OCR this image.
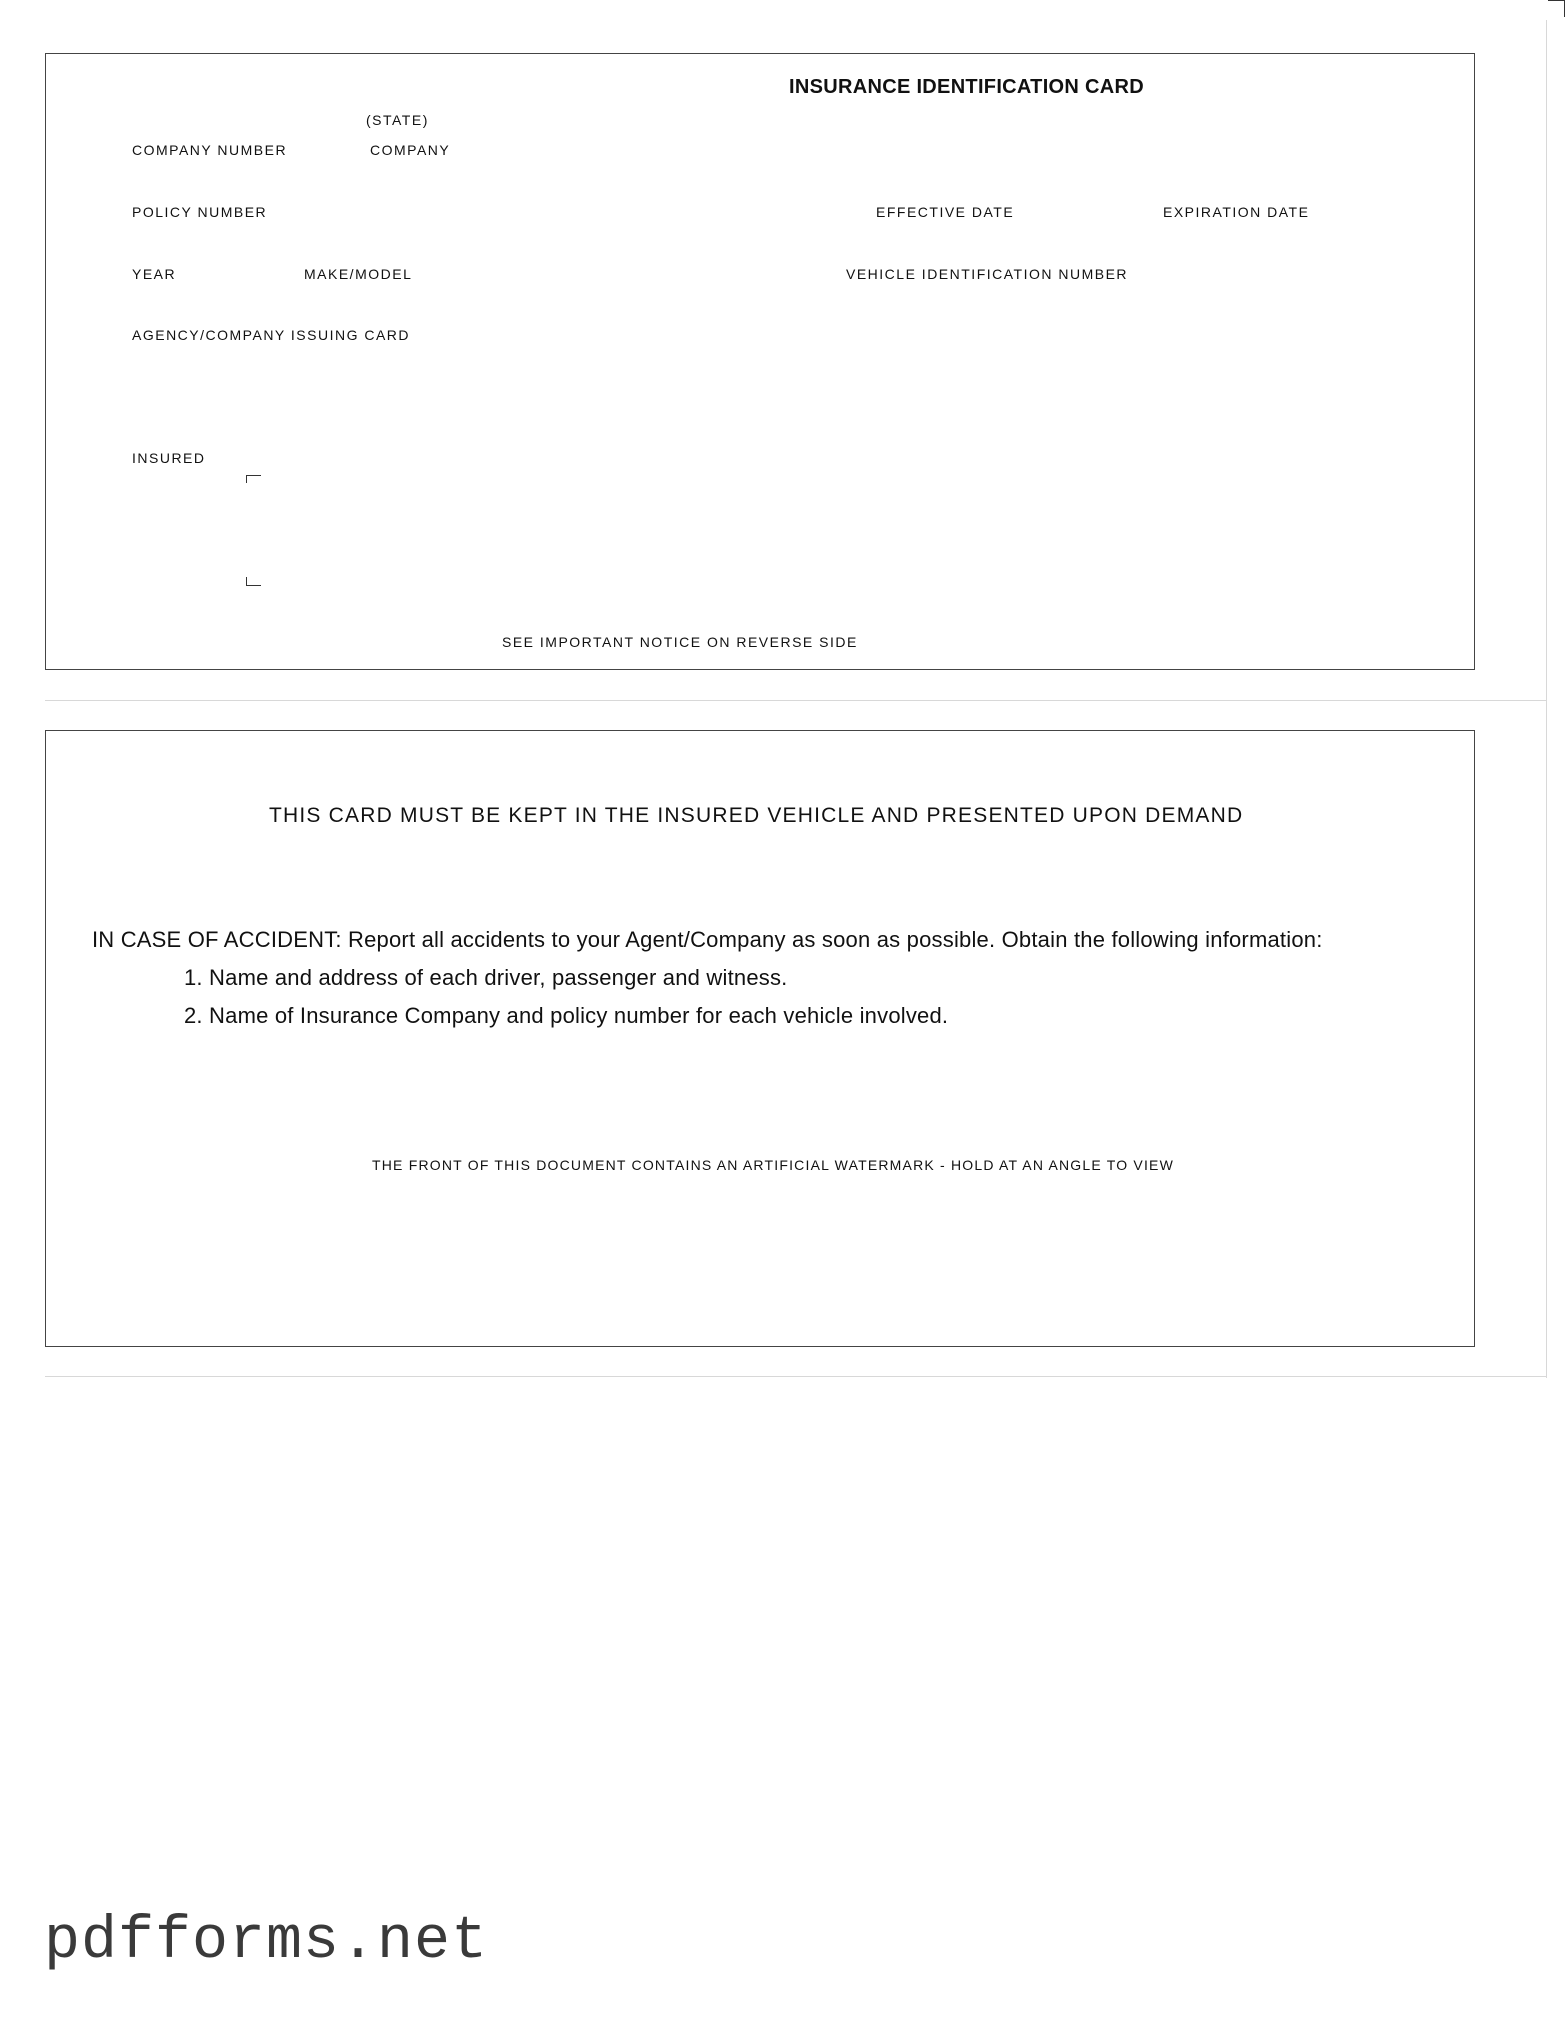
INSURANCE IDENTIFICATION CARD
(STATE)
COMPANY NUMBER	COMPANY
POLICY NUMBER	EFFECTIVE DATE	EXPIRATION DATE
YEAR	MAKE/MODEL	VEHICLE IDENTIFICATION NUMBER
AGENCY/COMPANY ISSUING CARD
INSURED
SEE IMPORTANT NOTICE ON REVERSE SIDE
THIS CARD MUST BE KEPT IN THE INSURED VEHICLE AND PRESENTED UPON DEMAND
IN CASE OF ACCIDENT: Report all accidents to your Agent/Company as soon as possible. Obtain the following information:
1. Name and address of each driver, passenger and witness.
2. Name of Insurance Company and policy number for each vehicle involved.
THE FRONT OF THIS DOCUMENT CONTAINS AN ARTIFICIAL WATERMARK - HOLD AT AN ANGLE TO VIEW
pdfforms.net
